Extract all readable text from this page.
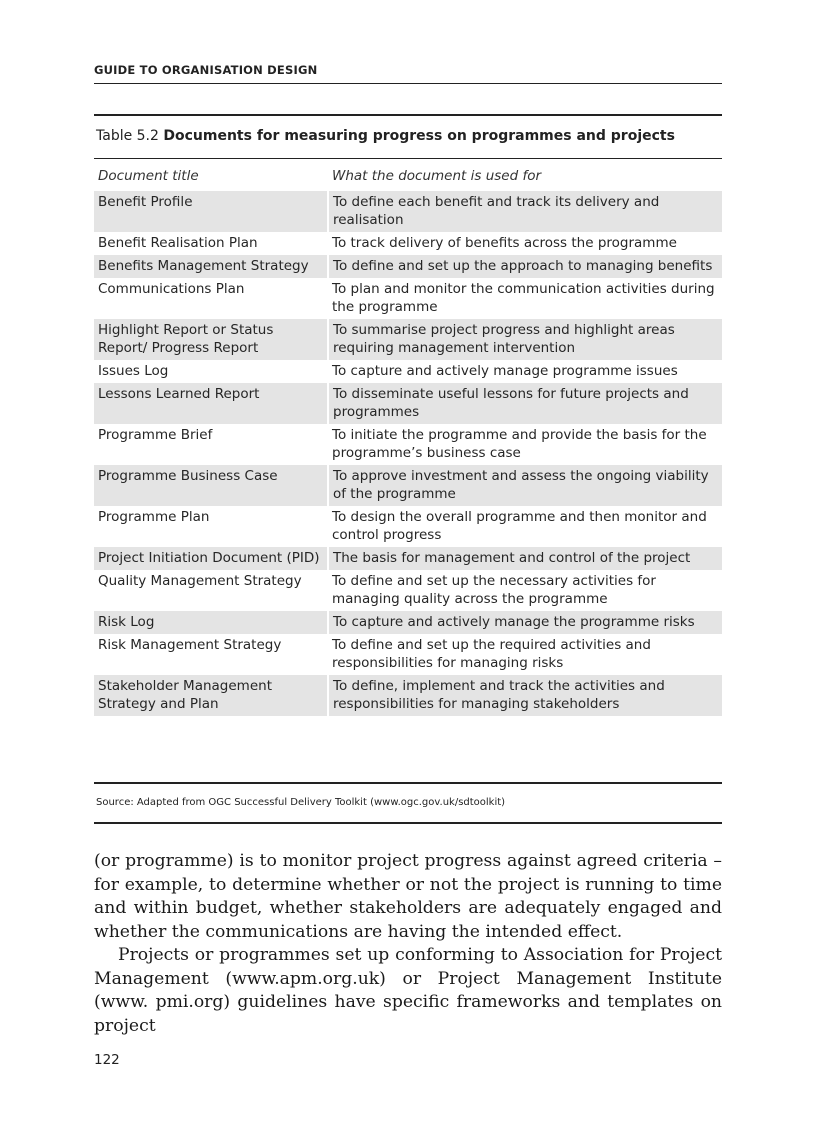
GUIDE TO ORGANISATION DESIGN
Table 5.2 Documents for measuring progress on programmes and projects
Document title	What the document is used for
Benefit Profile	To define each benefit and track its delivery and realisation
Benefit Realisation Plan	To track delivery of benefits across the programme
Benefits Management Strategy	To define and set up the approach to managing benefits
Communications Plan	To plan and monitor the communication activities during the programme
Highlight Report or Status Report/ Progress Report	To summarise project progress and highlight areas requiring management intervention
Issues Log	To capture and actively manage programme issues
Lessons Learned Report	To disseminate useful lessons for future projects and programmes
Programme Brief	To initiate the programme and provide the basis for the programme’s business case
Programme Business Case	To approve investment and assess the ongoing viability of the programme
Programme Plan	To design the overall programme and then monitor and control progress
Project Initiation Document (PID)	The basis for management and control of the project
Quality Management Strategy	To define and set up the necessary activities for managing quality across the programme
Risk Log	To capture and actively manage the programme risks
Risk Management Strategy	To define and set up the required activities and responsibilities for managing risks
Stakeholder Management Strategy and Plan	To define, implement and track the activities and responsibilities for managing stakeholders
Source: Adapted from OGC Successful Delivery Toolkit (www.ogc.gov.uk/sdtoolkit)

(or programme) is to monitor project progress against agreed criteria – for example, to determine whether or not the project is running to time and within budget, whether stakeholders are adequately engaged and whether the communications are having the intended effect.

Projects or programmes set up conforming to Association for Project Management (www.apm.org.uk) or Project Management Institute (www. pmi.org) guidelines have specific frameworks and templates on project

122
